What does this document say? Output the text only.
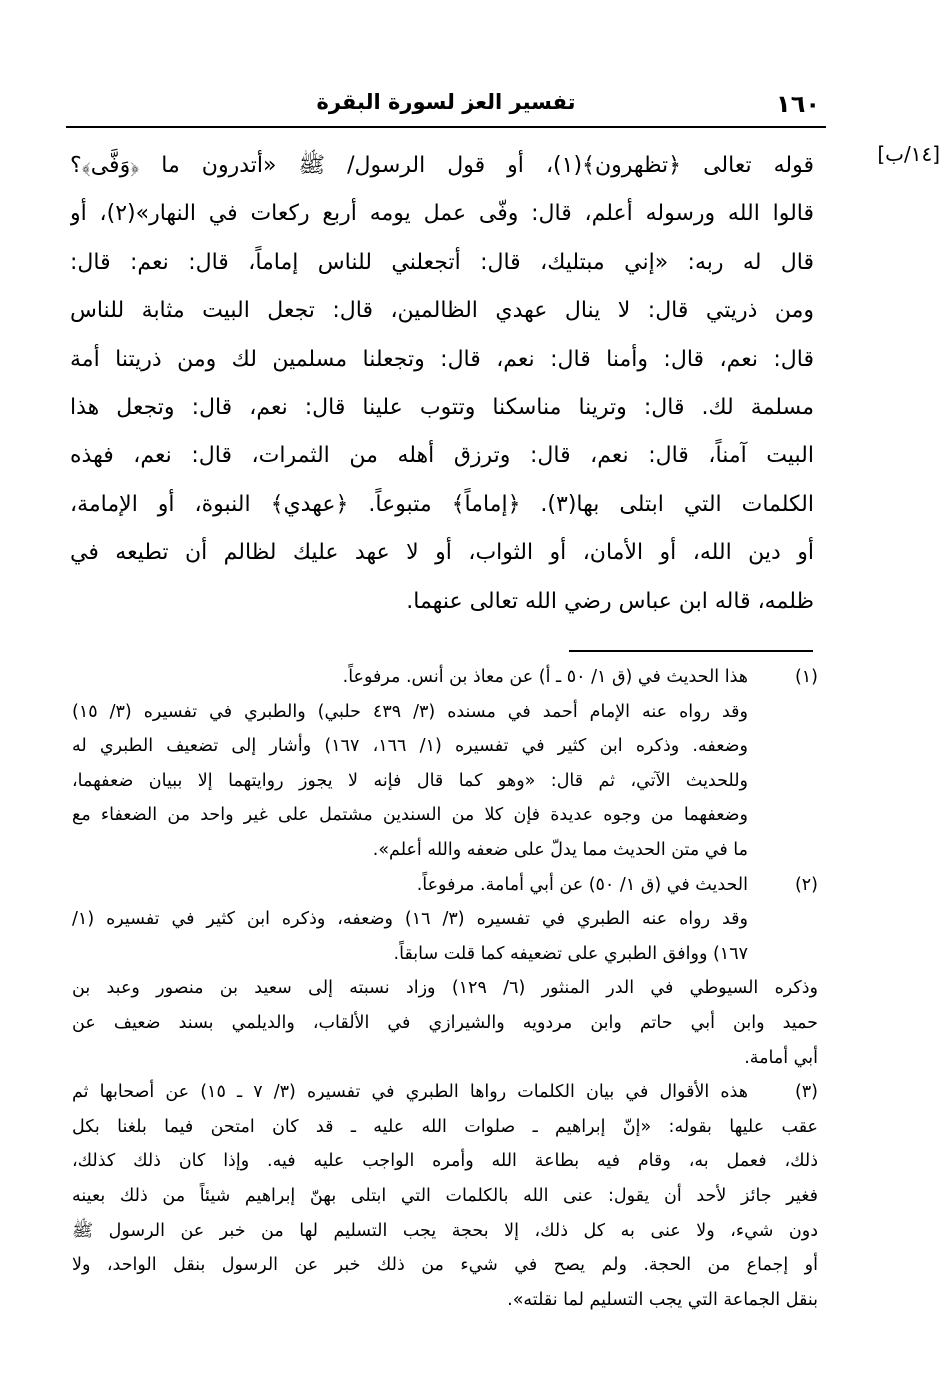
١٦٠
تفسير العز لسورة البقرة
[١٤/ب]
قوله تعالى ﴿تظهرون﴾(١)، أو قول الرسول/ ﷺ «أتدرون ما ﴿وَفَّى﴾؟
قالوا الله ورسوله أعلم، قال: وفّى عمل يومه أربع ركعات في النهار»(٢)، أو
قال له ربه: «إني مبتليك، قال: أتجعلني للناس إماماً، قال: نعم: قال:
ومن ذريتي قال: لا ينال عهدي الظالمين، قال: تجعل البيت مثابة للناس
قال: نعم، قال: وأمنا قال: نعم، قال: وتجعلنا مسلمين لك ومن ذريتنا أمة
مسلمة لك. قال: وترينا مناسكنا وتتوب علينا قال: نعم، قال: وتجعل هذا
البيت آمناً، قال: نعم، قال: وترزق أهله من الثمرات، قال: نعم، فهذه
الكلمات التي ابتلى بها(٣). ﴿إماماً﴾ متبوعاً. ﴿عهدي﴾ النبوة، أو الإمامة،
أو دين الله، أو الأمان، أو الثواب، أو لا عهد عليك لظالم أن تطيعه في
ظلمه، قاله ابن عباس رضي الله تعالى عنهما.
(١)
هذا الحديث في (ق ١/ ٥٠ ـ أ) عن معاذ بن أنس. مرفوعاً.
وقد رواه عنه الإمام أحمد في مسنده (٣/ ٤٣٩ حلبي) والطبري في تفسيره (٣/ ١٥)
وضعفه. وذكره ابن كثير في تفسيره (١/ ١٦٦، ١٦٧) وأشار إلى تضعيف الطبري له
وللحديث الآتي، ثم قال: «وهو كما قال فإنه لا يجوز روايتهما إلا ببيان ضعفهما،
وضعفهما من وجوه عديدة فإن كلا من السندين مشتمل على غير واحد من الضعفاء مع
ما في متن الحديث مما يدلّ على ضعفه والله أعلم».
(٢)
الحديث في (ق ١/ ٥٠) عن أبي أمامة. مرفوعاً.
وقد رواه عنه الطبري في تفسيره (٣/ ١٦) وضعفه، وذكره ابن كثير في تفسيره (١/
١٦٧) ووافق الطبري على تضعيفه كما قلت سابقاً.
وذكره السيوطي في الدر المنثور (٦/ ١٢٩) وزاد نسبته إلى سعيد بن منصور وعبد بن
حميد وابن أبي حاتم وابن مردويه والشيرازي في الألقاب، والديلمي بسند ضعيف عن
أبي أمامة.
(٣)
هذه الأقوال في بيان الكلمات رواها الطبري في تفسيره (٣/ ٧ ـ ١٥) عن أصحابها ثم
عقب عليها بقوله: «إنّ إبراهيم ـ صلوات الله عليه ـ قد كان امتحن فيما بلغنا بكل
ذلك، فعمل به، وقام فيه بطاعة الله وأمره الواجب عليه فيه. وإذا كان ذلك كذلك،
فغير جائز لأحد أن يقول: عنى الله بالكلمات التي ابتلى بهنّ إبراهيم شيئاً من ذلك بعينه
دون شيء، ولا عنى به كل ذلك، إلا بحجة يجب التسليم لها من خبر عن الرسول ﷺ
أو إجماع من الحجة. ولم يصح في شيء من ذلك خبر عن الرسول بنقل الواحد، ولا
بنقل الجماعة التي يجب التسليم لما نقلته».
